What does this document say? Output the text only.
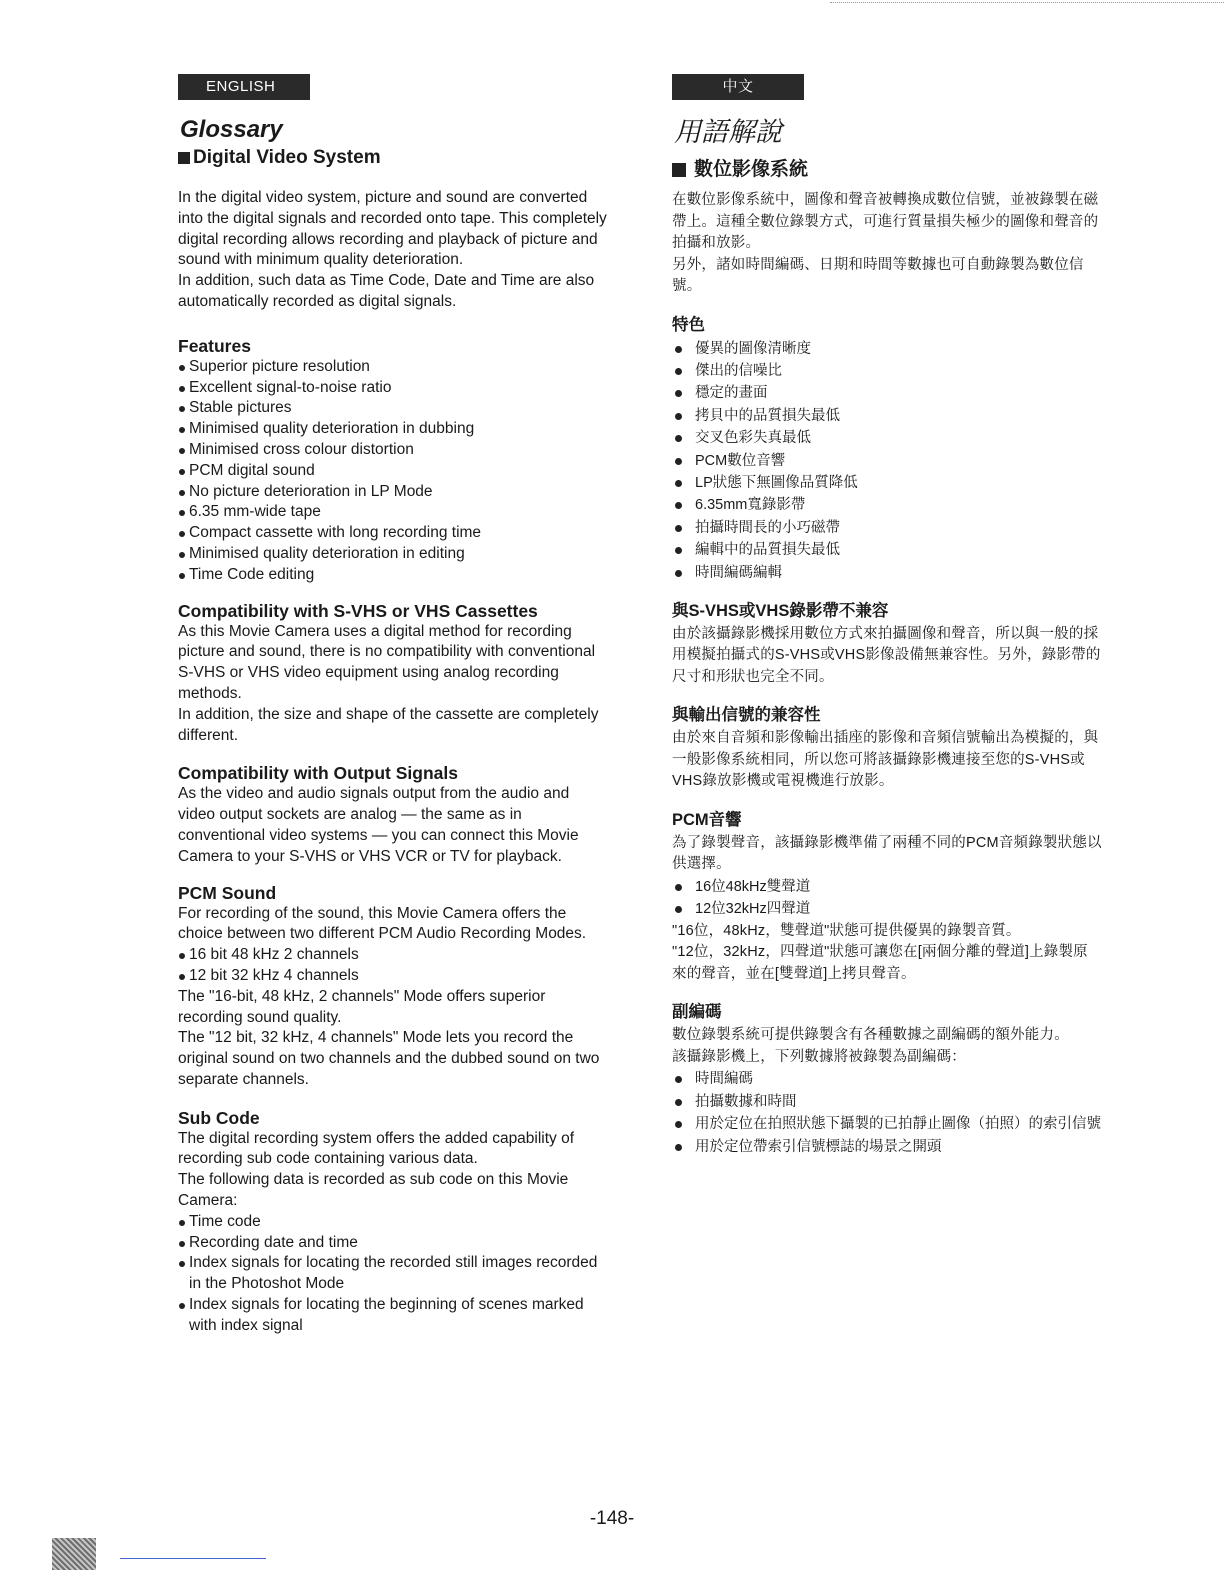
ENGLISH
Glossary
Digital Video System

In the digital video system, picture and sound are converted into the digital signals and recorded onto tape. This completely digital recording allows recording and playback of picture and sound with minimum quality deterioration.

In addition, such data as Time Code, Date and Time are also automatically recorded as digital signals.

Features
Superior picture resolution
Excellent signal-to-noise ratio
Stable pictures
Minimised quality deterioration in dubbing
Minimised cross colour distortion
PCM digital sound
No picture deterioration in LP Mode
6.35 mm-wide tape
Compact cassette with long recording time
Minimised quality deterioration in editing
Time Code editing
Compatibility with S-VHS or VHS Cassettes

As this Movie Camera uses a digital method for recording picture and sound, there is no compatibility with conventional S-VHS or VHS video equipment using analog recording methods.

In addition, the size and shape of the cassette are completely different.

Compatibility with Output Signals

As the video and audio signals output from the audio and video output sockets are analog — the same as in conventional video systems — you can connect this Movie Camera to your S-VHS or VHS VCR or TV for playback.

PCM Sound

For recording of the sound, this Movie Camera offers the choice between two different PCM Audio Recording Modes.

16 bit 48 kHz 2 channels
12 bit 32 kHz 4 channels

The "16-bit, 48 kHz, 2 channels" Mode offers superior recording sound quality.

The "12 bit, 32 kHz, 4 channels" Mode lets you record the original sound on two channels and the dubbed sound on two separate channels.

Sub Code

The digital recording system offers the added capability of recording sub code containing various data.

The following data is recorded as sub code on this Movie Camera:

Time code
Recording date and time
Index signals for locating the recorded still images recorded in the Photoshot Mode
Index signals for locating the beginning of scenes marked with index signal
中文
用語解說
數位影像系統

在數位影像系統中，圖像和聲音被轉換成數位信號，並被錄製在磁帶上。這種全數位錄製方式，可進行質量損失極少的圖像和聲音的拍攝和放影。

另外，諸如時間編碼、日期和時間等數據也可自動錄製為數位信號。

特色
優異的圖像清晰度
傑出的信噪比
穩定的畫面
拷貝中的品質損失最低
交叉色彩失真最低
PCM數位音響
LP狀態下無圖像品質降低
6.35mm寬錄影帶
拍攝時間長的小巧磁帶
編輯中的品質損失最低
時間編碼編輯
與S-VHS或VHS錄影帶不兼容

由於該攝錄影機採用數位方式來拍攝圖像和聲音，所以與一般的採用模擬拍攝式的S-VHS或VHS影像設備無兼容性。另外，錄影帶的尺寸和形狀也完全不同。

與輸出信號的兼容性

由於來自音頻和影像輸出插座的影像和音頻信號輸出為模擬的，與一般影像系統相同，所以您可將該攝錄影機連接至您的S-VHS或VHS錄放影機或電視機進行放影。

PCM音響

為了錄製聲音，該攝錄影機準備了兩種不同的PCM音頻錄製狀態以供選擇。

16位48kHz雙聲道
12位32kHz四聲道

"16位，48kHz，雙聲道"狀態可提供優異的錄製音質。

"12位，32kHz，四聲道"狀態可讓您在[兩個分離的聲道]上錄製原來的聲音，並在[雙聲道]上拷貝聲音。

副編碼

數位錄製系統可提供錄製含有各種數據之副編碼的額外能力。

該攝錄影機上，下列數據將被錄製為副編碼：

時間編碼
拍攝數據和時間
用於定位在拍照狀態下攝製的已拍靜止圖像（拍照）的索引信號
用於定位帶索引信號標誌的場景之開頭
-148-
